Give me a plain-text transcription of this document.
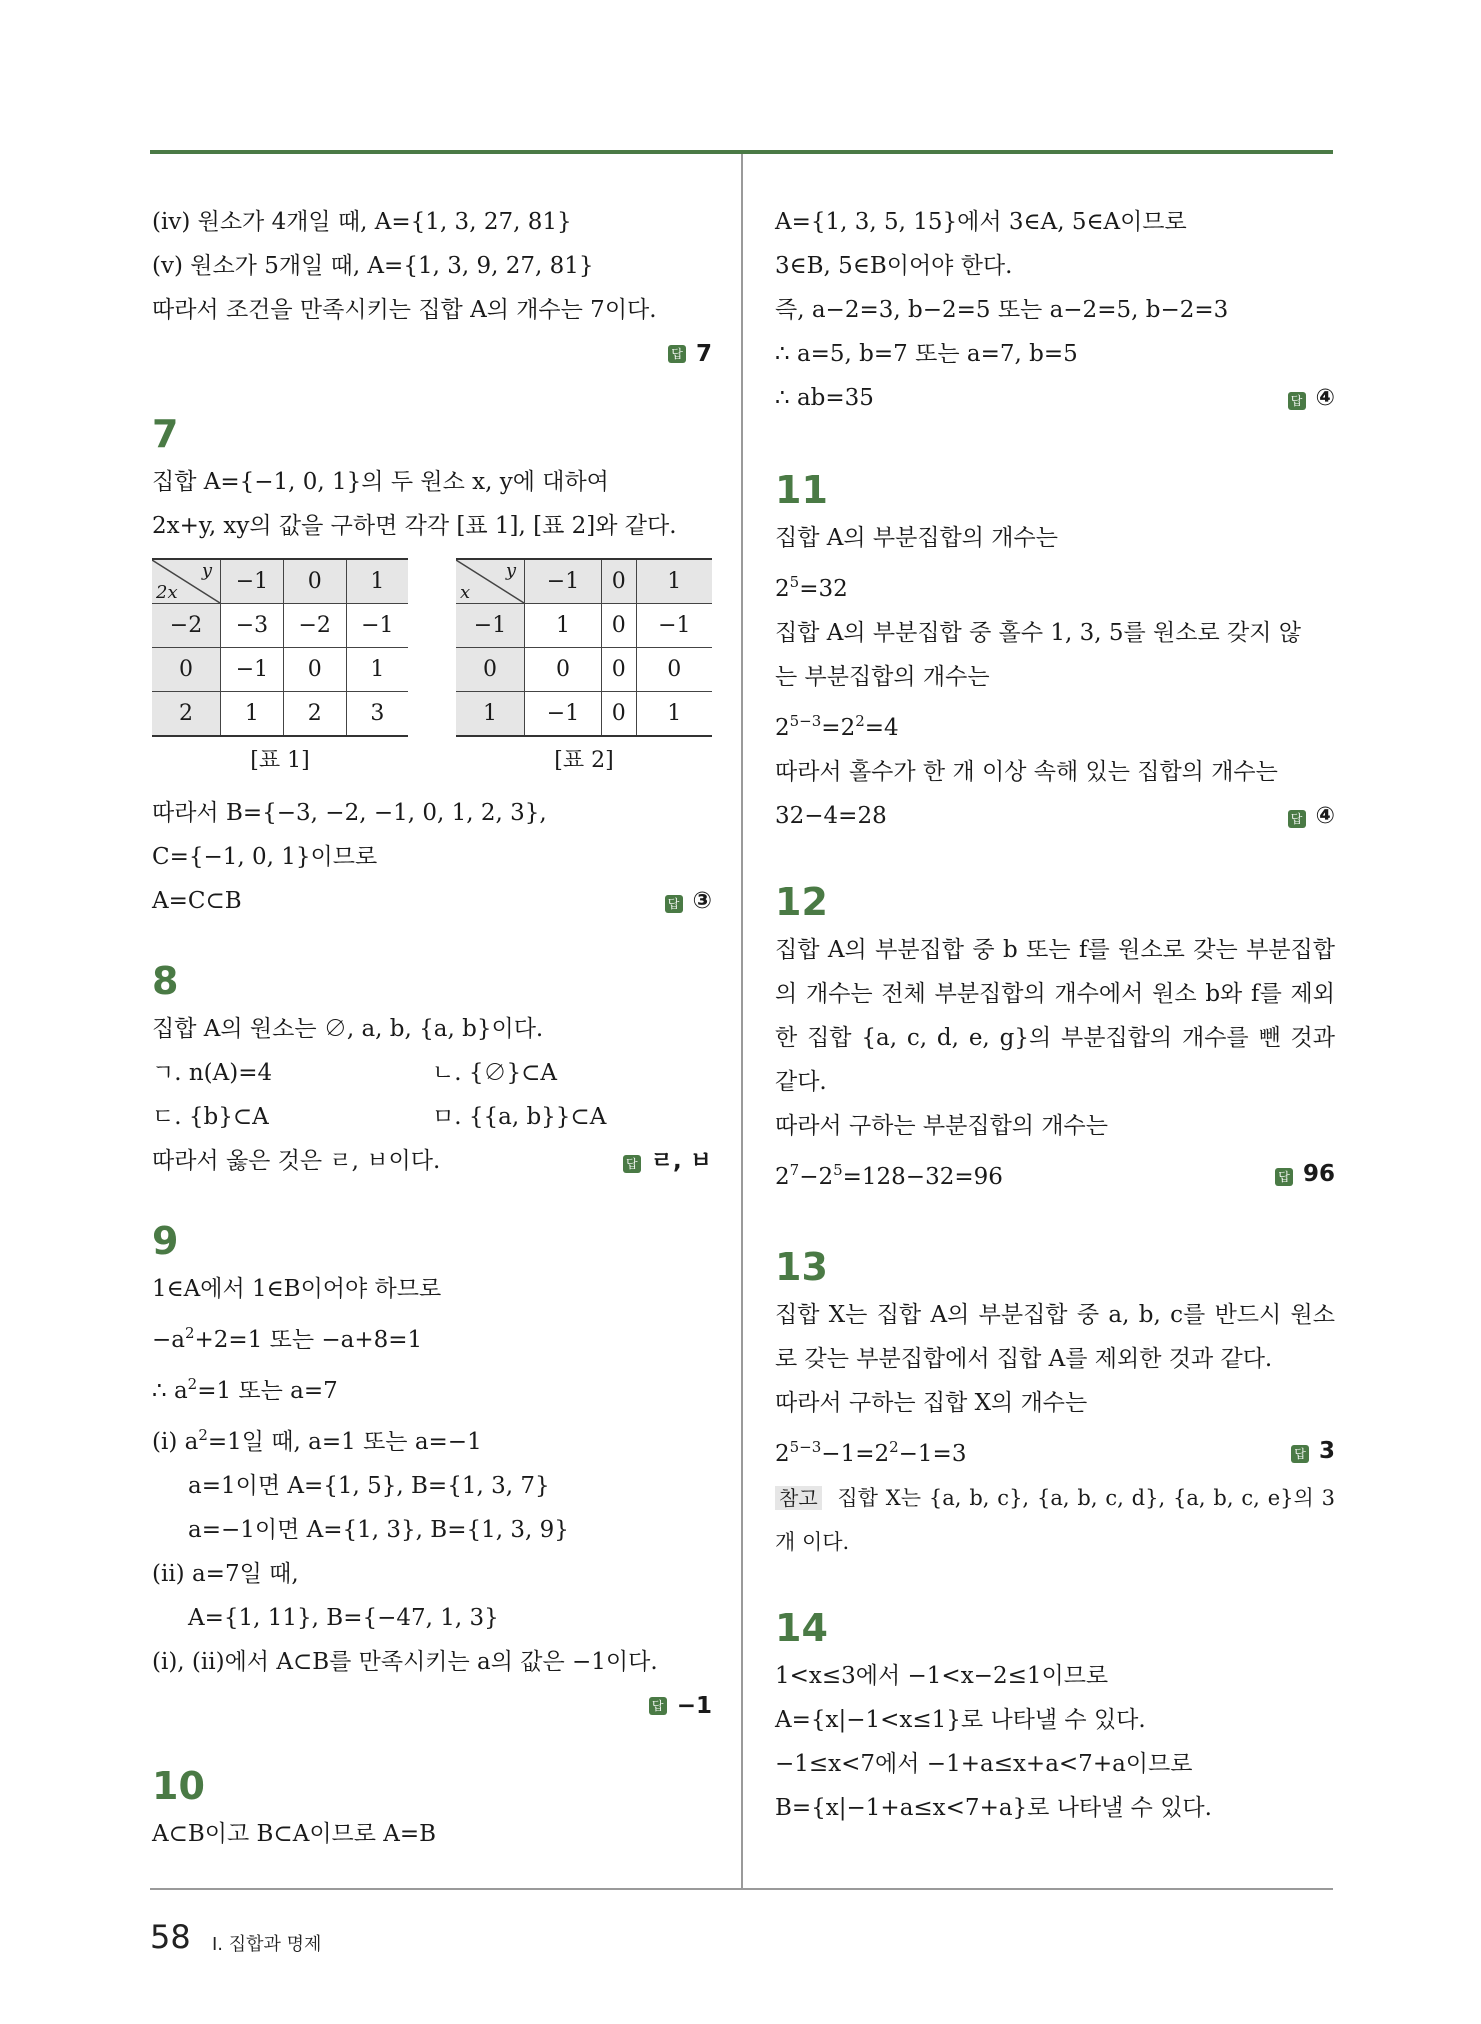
(iv) 원소가 4개일 때, A={1, 3, 27, 81}
(v) 원소가 5개일 때, A={1, 3, 9, 27, 81}
따라서 조건을 만족시키는 집합 A의 개수는 7이다.
답 7
7
집합 A={−1, 0, 1}의 두 원소 x, y에 대하여
2x+y, xy의 값을 구하면 각각 [표 1], [표 2]와 같다.
y
2x	−1	0	1
−2	−3	−2	−1
0	−1	0	1
2	1	2	3
[표 1]
y
x	−1	0	1
−1	1	0	−1
0	0	0	0
1	−1	0	1
[표 2]
따라서 B={−3, −2, −1, 0, 1, 2, 3},
C={−1, 0, 1}이므로
A=C⊂B	답 ③
8
집합 A의 원소는 ∅, a, b, {a, b}이다.
ㄱ. n(A)=4	ㄴ. {∅}⊂A
ㄷ. {b}⊂A	ㅁ. {{a, b}}⊂A
따라서 옳은 것은 ㄹ, ㅂ이다.	답 ㄹ, ㅂ
9
1∈A에서 1∈B이어야 하므로
$-a^2+2=1$ 또는 −a+8=1
∴ $a^2=1$ 또는 a=7
(i) $a^2=1$일 때, a=1 또는 a=−1
a=1이면 A={1, 5}, B={1, 3, 7}
a=−1이면 A={1, 3}, B={1, 3, 9}
(ii) a=7일 때,
A={1, 11}, B={−47, 1, 3}
(i), (ii)에서 A⊂B를 만족시키는 a의 값은 −1이다.
답 −1
10
A⊂B이고 B⊂A이므로 A=B
A={1, 3, 5, 15}에서 3∈A, 5∈A이므로
3∈B, 5∈B이어야 한다.
즉, a−2=3, b−2=5 또는 a−2=5, b−2=3
∴ a=5, b=7 또는 a=7, b=5
∴ ab=35	답 ④
11
집합 A의 부분집합의 개수는
$2^5=32$
집합 A의 부분집합 중 홀수 1, 3, 5를 원소로 갖지 않
는 부분집합의 개수는
$2^{5-3}=2^2=4$
따라서 홀수가 한 개 이상 속해 있는 집합의 개수는
32−4=28	답 ④
12
집합 A의 부분집합 중 b 또는 f를 원소로 갖는 부분집합의 개수는 전체 부분집합의 개수에서 원소 b와 f를 제외한 집합 {a, c, d, e, g}의 부분집합의 개수를 뺀 것과 같다.
따라서 구하는 부분집합의 개수는
$2^7-2^5=128-32=96$	답 96
13
집합 X는 집합 A의 부분집합 중 a, b, c를 반드시 원소로 갖는 부분집합에서 집합 A를 제외한 것과 같다.
따라서 구하는 집합 X의 개수는
$2^{5-3}-1=2^2-1=3$	답 3
참고 집합 X는 {a, b, c}, {a, b, c, d}, {a, b, c, e}의 3개 이다.
14
1<x≤3에서 −1<x−2≤1이므로
A={x|−1<x≤1}로 나타낼 수 있다.
−1≤x<7에서 −1+a≤x+a<7+a이므로
B={x|−1+a≤x<7+a}로 나타낼 수 있다.
58 Ⅰ. 집합과 명제
